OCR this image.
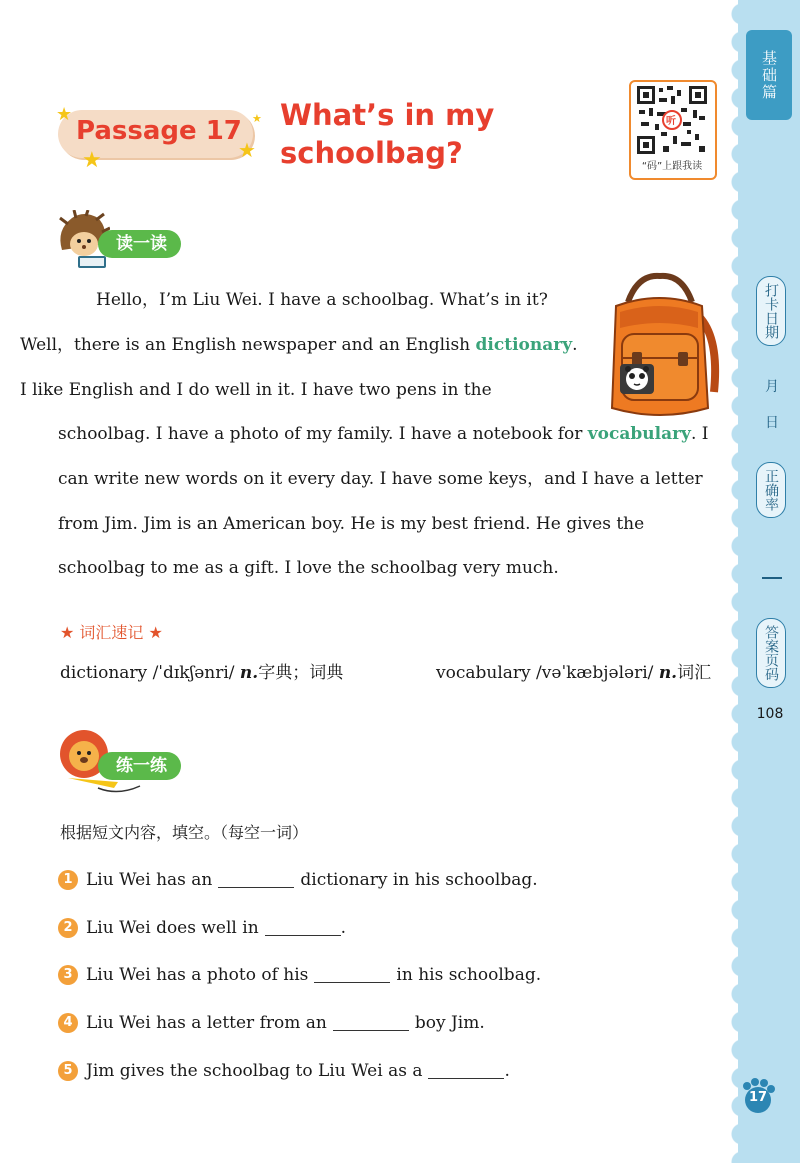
基础篇
打卡日期
月
日
正确率
答案页码
108
17
Passage 17
★
★	★
★ What’s in my
schoolbag?
听
“码”上跟我读
读一读
Hello，I’m Liu Wei. I have a schoolbag. What’s in it?

Well，there is an English newspaper and an English dictionary.
I like English and I do well in it. I have two pens in the
schoolbag. I have a photo of my family. I have a notebook for vocabulary. I
can write new words on it every day. I have some keys，and I have a letter
from Jim. Jim is an American boy. He is my best friend. He gives the
schoolbag to me as a gift. I love the schoolbag very much.
★ 词汇速记 ★
dictionary /ˈdɪkʃənri/ n.字典；词典	vocabulary /vəˈkæbjələri/ n.词汇
练一练
根据短文内容，填空。（每空一词）
1 Liu Wei has an	dictionary in his schoolbag.
2 Liu Wei does well in	.
3 Liu Wei has a photo of his	in his schoolbag.
4 Liu Wei has a letter from an	boy Jim.
5 Jim gives the schoolbag to Liu Wei as a	.
